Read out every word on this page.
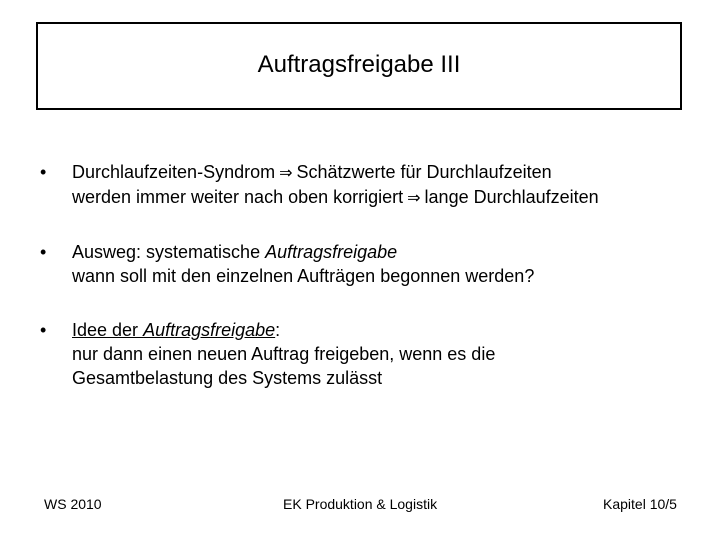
Auftragsfreigabe III
•	Durchlaufzeiten-Syndrom ⇒ Schätzwerte für Durchlaufzeiten
werden immer weiter nach oben korrigiert ⇒ lange Durchlaufzeiten
•	Ausweg: systematische Auftragsfreigabe
wann soll mit den einzelnen Aufträgen begonnen werden?
•	Idee der Auftragsfreigabe:
nur dann einen neuen Auftrag freigeben, wenn es die
Gesamtbelastung des Systems zulässt
WS 2010	EK Produktion & Logistik	Kapitel 10/5
